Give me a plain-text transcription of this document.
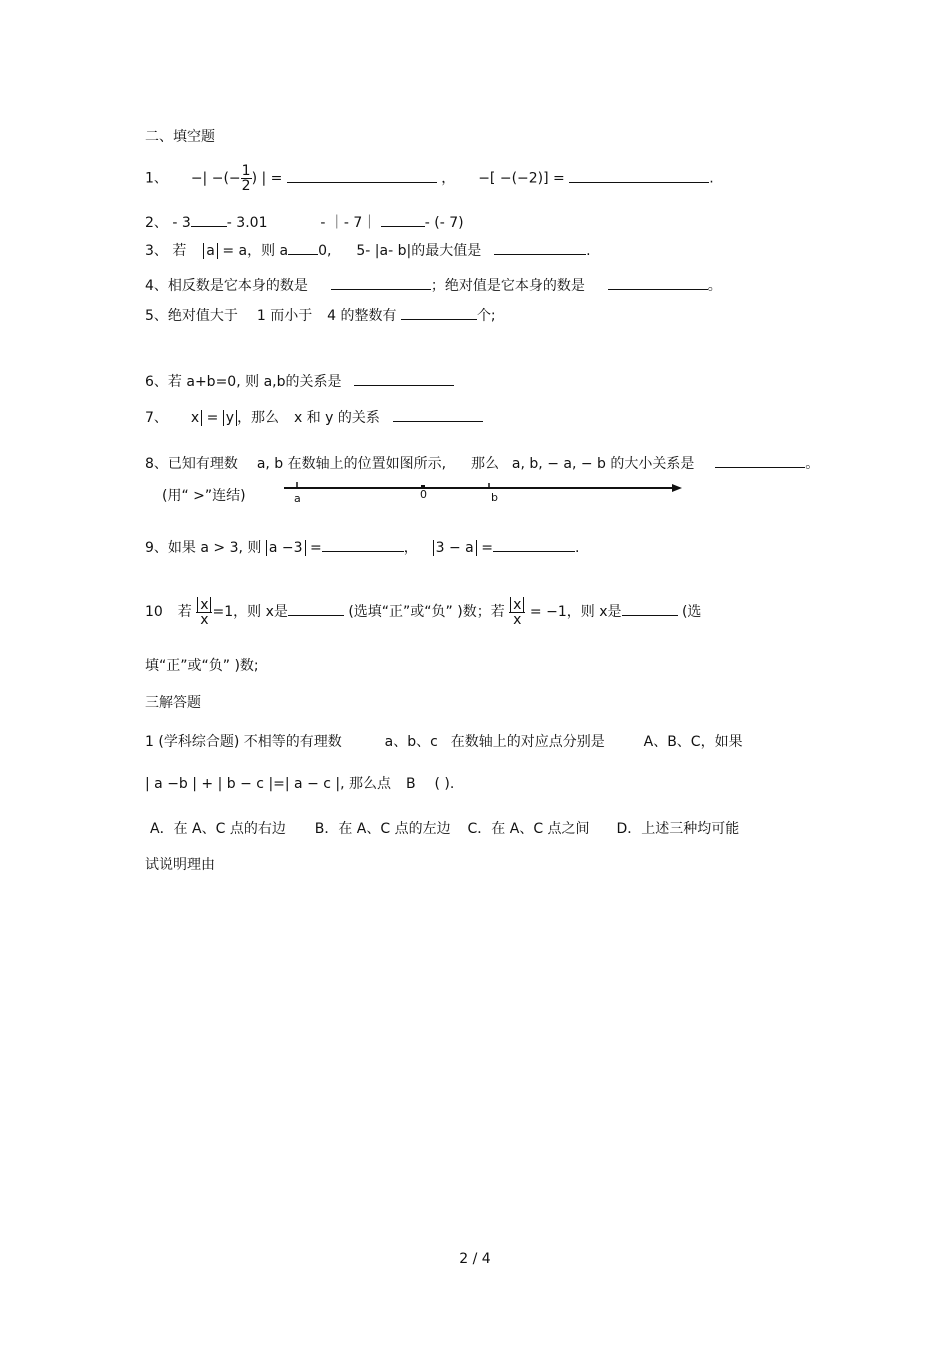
二、填空题
1、 −| −(− $\frac{1}{2}$ ) | =	， −[ −(−2)] =	.
2、 - 3	- 3.01	- ｜- 7｜	- (- 7)
3、 若 a = a，则 a 0, 5- |a- b|的最大值是	.
4、相反数是它本身的数是	；绝对值是它本身的数是	。
5、绝对值大于 1 而小于 4 的整数有	个;
6、若 a+b=0, 则 a,b的关系是
7、 x = y ，那么 x 和 y 的关系
8、已知有理数 a, b 在数轴上的位置如图所示, 那么 a, b, − a, − b 的大小关系是	。
(用“ >”连结)	a	0	b
9、如果 a > 3, 则 a −3 =	， 3 − a =	.
10 若 $\frac{x}{x} =1$，则 x是	(选填“正”或“负” )数；若 $\frac{x}{x} = -1$，则 x是	(选
填“正”或“负” )数;
三解答题
1 (学科综合题) 不相等的有理数	a、b、c 在数轴上的对应点分别是	A、B、C，如果
| a −b | + | b − c |=| a − c |, 那么点 B ( ).
A．在 A、C 点的右边 B．在 A、C 点的左边 C．在 A、C 点之间 D．上述三种均可能
试说明理由
2 / 4
